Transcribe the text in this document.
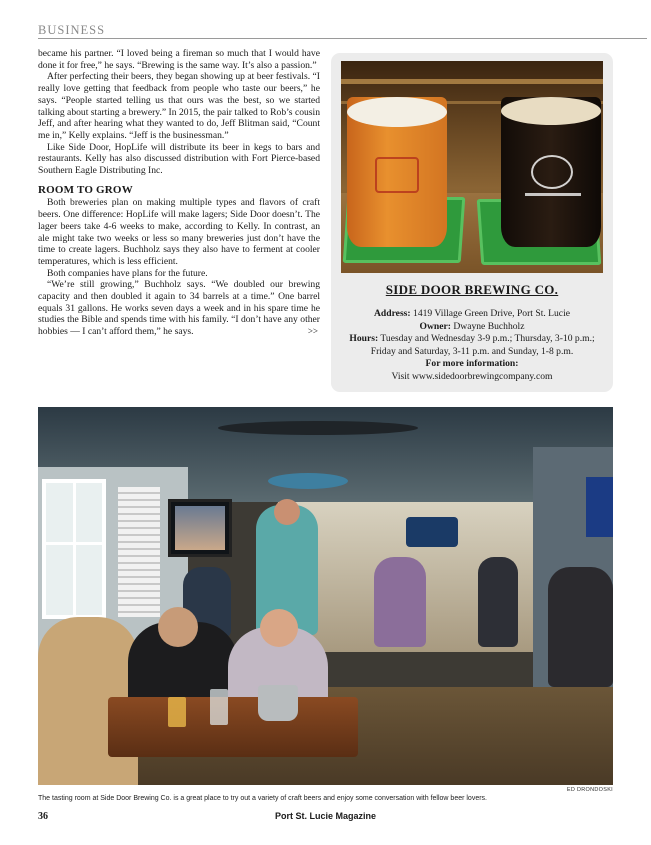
BUSINESS

became his partner. “I loved being a fireman so much that I would have done it for free,” he says. “Brewing is the same way. It’s also a passion.”

After perfecting their beers, they began showing up at beer festivals. “I really love getting that feedback from people who taste our beers,” he says. “People started telling us that ours was the best, so we started talking about starting a brewery.” In 2015, the pair talked to Rob’s cousin Jeff, and after hearing what they wanted to do, Jeff Blitman said, “Count me in,” Kelly explains. “Jeff is the businessman.”

Like Side Door, HopLife will distribute its beer in kegs to bars and restaurants. Kelly has also discussed distribution with Fort Pierce-based Southern Eagle Distributing Inc.

ROOM TO GROW

Both breweries plan on making multiple types and flavors of craft beers. One difference: HopLife will make lagers; Side Door doesn’t. The lager beers take 4-6 weeks to make, according to Kelly. In contrast, an ale might take two weeks or less so many breweries just don’t have the time to create lagers. Buchholz says they also have to ferment at cooler temperatures, which is less efficient.

Both companies have plans for the future.

“We’re still growing,” Buchholz says. “We doubled our brewing capacity and then doubled it again to 34 barrels at a time.” One barrel equals 31 gallons. He works seven days a week and in his spare time he studies the Bible and spends time with his family. “I don’t have any other hobbies — I can’t afford them,” he says.	>>

SIDE DOOR BREWING CO.
Address: 1419 Village Green Drive, Port St. Lucie
Owner: Dwayne Buchholz
Hours: Tuesday and Wednesday 3-9 p.m.; Thursday, 3-10 p.m.; Friday and Saturday, 3-11 p.m. and Sunday, 1-8 p.m.
For more information:
Visit www.sidedoorbrewingcompany.com
ED DRONDOSKI
The tasting room at Side Door Brewing Co. is a great place to try out a variety of craft beers and enjoy some conversation with fellow beer lovers.
36	Port St. Lucie Magazine
